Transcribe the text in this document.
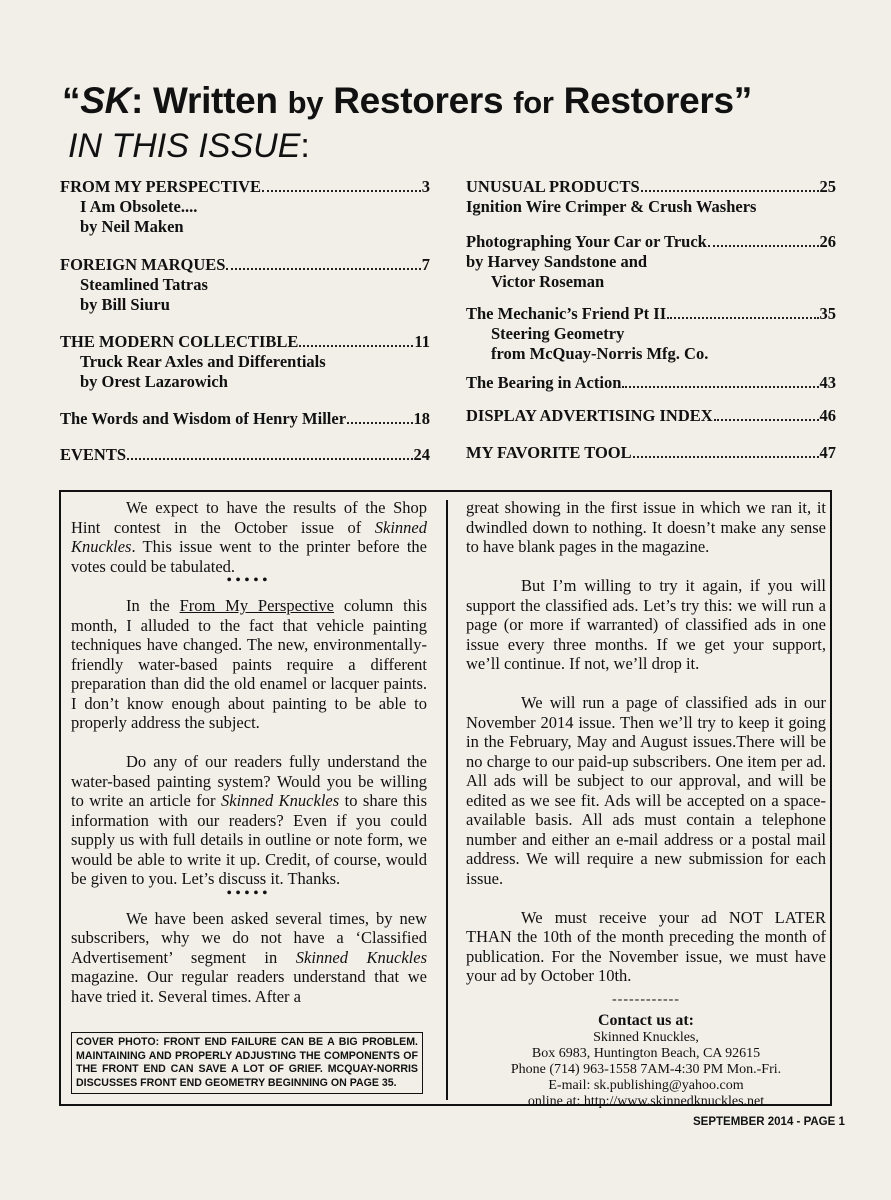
“SK: Written by Restorers for Restorers”
IN THIS ISSUE:
FROM MY PERSPECTIVE	3
I Am Obsolete....
by Neil Maken
FOREIGN MARQUES	7
Steamlined Tatras
by Bill Siuru
THE MODERN COLLECTIBLE	11
Truck Rear Axles and Differentials
by Orest Lazarowich
The Words and Wisdom of Henry Miller	18
EVENTS	24
UNUSUAL PRODUCTS	25
Ignition Wire Crimper & Crush Washers
Photographing Your Car or Truck	26
by Harvey Sandstone and
Victor Roseman
The Mechanic’s Friend Pt II	35
Steering Geometry
from McQuay-Norris Mfg. Co.
The Bearing in Action	43
DISPLAY ADVERTISING INDEX	46
MY FAVORITE TOOL	47

We expect to have the results of the Shop Hint contest in the October issue of Skinned Knuckles. This issue went to the printer before the votes could be tabulated.

•••••

In the From My Perspective column this month, I alluded to the fact that vehicle painting techniques have changed. The new, environmentally-friendly water-based paints require a different preparation than did the old enamel or lacquer paints. I don’t know enough about painting to be able to properly address the subject.

Do any of our readers fully understand the water-based painting system? Would you be willing to write an article for Skinned Knuckles to share this information with our readers? Even if you could supply us with full details in outline or note form, we would be able to write it up. Credit, of course, would be given to you. Let’s discuss it. Thanks.

•••••

We have been asked several times, by new subscribers, why we do not have a ‘Classified Advertisement’ segment in Skinned Knuckles magazine. Our regular readers understand that we have tried it. Several times. After a

COVER PHOTO: FRONT END FAILURE CAN BE A BIG PROBLEM. MAINTAINING AND PROPERLY ADJUSTING THE COMPONENTS OF THE FRONT END CAN SAVE A LOT OF GRIEF. MCQUAY-NORRIS DISCUSSES FRONT END GEOMETRY BEGINNING ON PAGE 35.

great showing in the first issue in which we ran it, it dwindled down to nothing. It doesn’t make any sense to have blank pages in the magazine.

But I’m willing to try it again, if you will support the classified ads. Let’s try this: we will run a page (or more if warranted) of classified ads in one issue every three months. If we get your support, we’ll continue. If not, we’ll drop it.

We will run a page of classified ads in our November 2014 issue. Then we’ll try to keep it going in the February, May and August issues.There will be no charge to our paid-up subscribers. One item per ad. All ads will be subject to our approval, and will be edited as we see fit. Ads will be accepted on a space-available basis. All ads must contain a telephone number and either an e-mail address or a postal mail address. We will require a new submission for each issue.

We must receive your ad NOT LATER THAN the 10th of the month preceding the month of publication. For the November issue, we must have your ad by October 10th.

------------
Contact us at:
Skinned Knuckles,
Box 6983, Huntington Beach, CA 92615
Phone (714) 963-1558 7AM-4:30 PM Mon.-Fri.
E-mail: sk.publishing@yahoo.com
online at: http://www.skinnedknuckles.net
SEPTEMBER 2014 - PAGE 1
